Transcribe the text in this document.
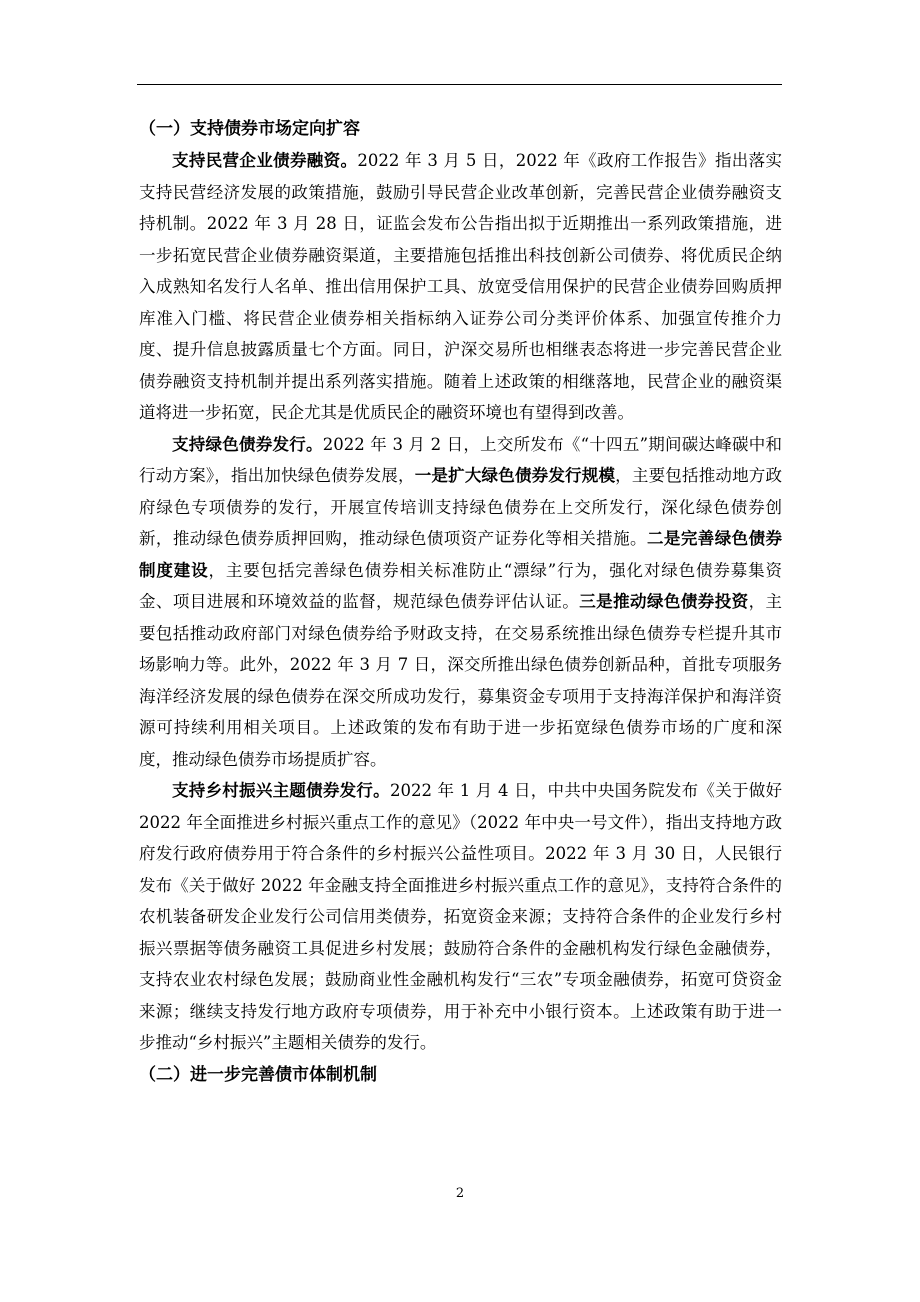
（一）支持债券市场定向扩容

支持民营企业债券融资。2022 年 3 月 5 日，2022 年《政府工作报告》指出落实支持民营经济发展的政策措施，鼓励引导民营企业改革创新，完善民营企业债券融资支持机制。2022 年 3 月 28 日，证监会发布公告指出拟于近期推出一系列政策措施，进一步拓宽民营企业债券融资渠道，主要措施包括推出科技创新公司债券、将优质民企纳入成熟知名发行人名单、推出信用保护工具、放宽受信用保护的民营企业债券回购质押库准入门槛、将民营企业债券相关指标纳入证券公司分类评价体系、加强宣传推介力度、提升信息披露质量七个方面。同日，沪深交易所也相继表态将进一步完善民营企业债券融资支持机制并提出系列落实措施。随着上述政策的相继落地，民营企业的融资渠道将进一步拓宽，民企尤其是优质民企的融资环境也有望得到改善。

支持绿色债券发行。2022 年 3 月 2 日，上交所发布《“十四五”期间碳达峰碳中和行动方案》，指出加快绿色债券发展，一是扩大绿色债券发行规模，主要包括推动地方政府绿色专项债券的发行，开展宣传培训支持绿色债券在上交所发行，深化绿色债券创新，推动绿色债券质押回购，推动绿色债项资产证券化等相关措施。二是完善绿色债券制度建设，主要包括完善绿色债券相关标准防止“漂绿”行为，强化对绿色债券募集资金、项目进展和环境效益的监督，规范绿色债券评估认证。三是推动绿色债券投资，主要包括推动政府部门对绿色债券给予财政支持，在交易系统推出绿色债券专栏提升其市场影响力等。此外，2022 年 3 月 7 日，深交所推出绿色债券创新品种，首批专项服务海洋经济发展的绿色债券在深交所成功发行，募集资金专项用于支持海洋保护和海洋资源可持续利用相关项目。上述政策的发布有助于进一步拓宽绿色债券市场的广度和深度，推动绿色债券市场提质扩容。

支持乡村振兴主题债券发行。2022 年 1 月 4 日，中共中央国务院发布《关于做好 2022 年全面推进乡村振兴重点工作的意见》（2022 年中央一号文件），指出支持地方政府发行政府债券用于符合条件的乡村振兴公益性项目。2022 年 3 月 30 日，人民银行发布《关于做好 2022 年金融支持全面推进乡村振兴重点工作的意见》，支持符合条件的农机装备研发企业发行公司信用类债券，拓宽资金来源；支持符合条件的企业发行乡村振兴票据等债务融资工具促进乡村发展；鼓励符合条件的金融机构发行绿色金融债券，支持农业农村绿色发展；鼓励商业性金融机构发行“三农”专项金融债券，拓宽可贷资金来源；继续支持发行地方政府专项债券，用于补充中小银行资本。上述政策有助于进一步推动“乡村振兴”主题相关债券的发行。

（二）进一步完善债市体制机制

2
